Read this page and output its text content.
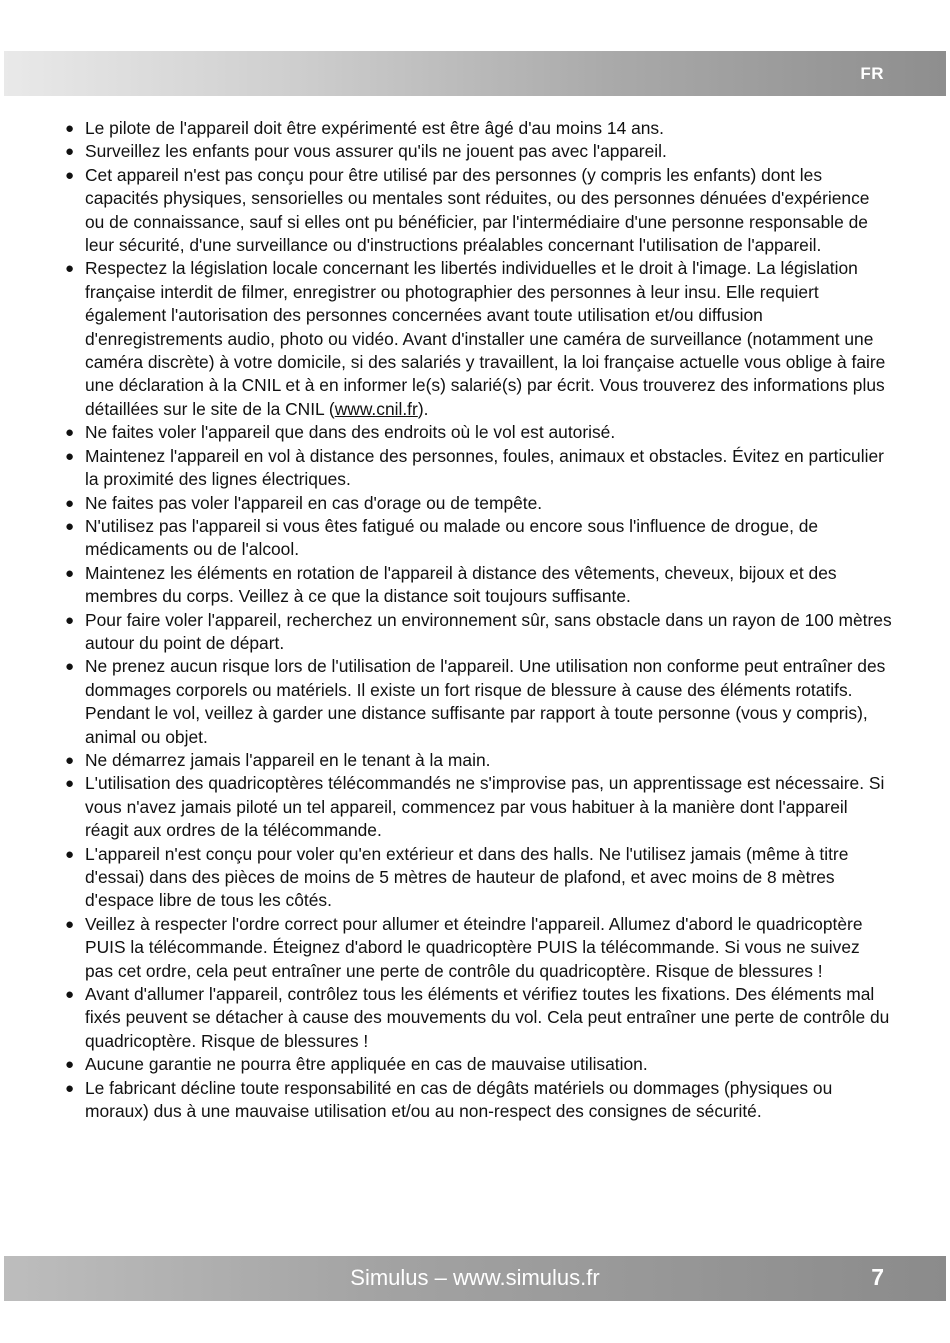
FR
● Le pilote de l'appareil doit être expérimenté est être âgé d'au moins 14 ans.
● Surveillez les enfants pour vous assurer qu'ils ne jouent pas avec l'appareil.
● Cet appareil n'est pas conçu pour être utilisé par des personnes (y compris les enfants) dont les capacités physiques, sensorielles ou mentales sont réduites, ou des personnes dénuées d'expérience ou de connaissance, sauf si elles ont pu bénéficier, par l'intermédiaire d'une personne responsable de leur sécurité, d'une surveillance ou d'instructions préalables concernant l'utilisation de l'appareil.
● Respectez la législation locale concernant les libertés individuelles et le droit à l'image. La législation française interdit de filmer, enregistrer ou photographier des personnes à leur insu. Elle requiert également l'autorisation des personnes concernées avant toute utilisation et/ou diffusion d'enregistrements audio, photo ou vidéo. Avant d'installer une caméra de surveillance (notamment une caméra discrète) à votre domicile, si des salariés y travaillent, la loi française actuelle vous oblige à faire une déclaration à la CNIL et à en informer le(s) salarié(s) par écrit. Vous trouverez des informations plus détaillées sur le site de la CNIL (www.cnil.fr).
● Ne faites voler l'appareil que dans des endroits où le vol est autorisé.
● Maintenez l'appareil en vol à distance des personnes, foules, animaux et obstacles. Évitez en particulier la proximité des lignes électriques.
● Ne faites pas voler l'appareil en cas d'orage ou de tempête.
● N'utilisez pas l'appareil si vous êtes fatigué ou malade ou encore sous l'influence de drogue, de médicaments ou de l'alcool.
● Maintenez les éléments en rotation de l'appareil à distance des vêtements, cheveux, bijoux et des membres du corps. Veillez à ce que la distance soit toujours suffisante.
● Pour faire voler l'appareil, recherchez un environnement sûr, sans obstacle dans un rayon de 100 mètres autour du point de départ.
● Ne prenez aucun risque lors de l'utilisation de l'appareil. Une utilisation non conforme peut entraîner des dommages corporels ou matériels. Il existe un fort risque de blessure à cause des éléments rotatifs. Pendant le vol, veillez à garder une distance suffisante par rapport à toute personne (vous y compris), animal ou objet.
● Ne démarrez jamais l'appareil en le tenant à la main.
● L'utilisation des quadricoptères télécommandés ne s'improvise pas, un apprentissage est nécessaire. Si vous n'avez jamais piloté un tel appareil, commencez par vous habituer à la manière dont l'appareil réagit aux ordres de la télécommande.
● L'appareil n'est conçu pour voler qu'en extérieur et dans des halls. Ne l'utilisez jamais (même à titre d'essai) dans des pièces de moins de 5 mètres de hauteur de plafond, et avec moins de 8 mètres d'espace libre de tous les côtés.
● Veillez à respecter l'ordre correct pour allumer et éteindre l'appareil. Allumez d'abord le quadricoptère PUIS la télécommande. Éteignez d'abord le quadricoptère PUIS la télécommande. Si vous ne suivez pas cet ordre, cela peut entraîner une perte de contrôle du quadricoptère. Risque de blessures !
● Avant d'allumer l'appareil, contrôlez tous les éléments et vérifiez toutes les fixations. Des éléments mal fixés peuvent se détacher à cause des mouvements du vol. Cela peut entraîner une perte de contrôle du quadricoptère. Risque de blessures !
● Aucune garantie ne pourra être appliquée en cas de mauvaise utilisation.
● Le fabricant décline toute responsabilité en cas de dégâts matériels ou dommages (physiques ou moraux) dus à une mauvaise utilisation et/ou au non-respect des consignes de sécurité.
Simulus – www.simulus.fr	7
